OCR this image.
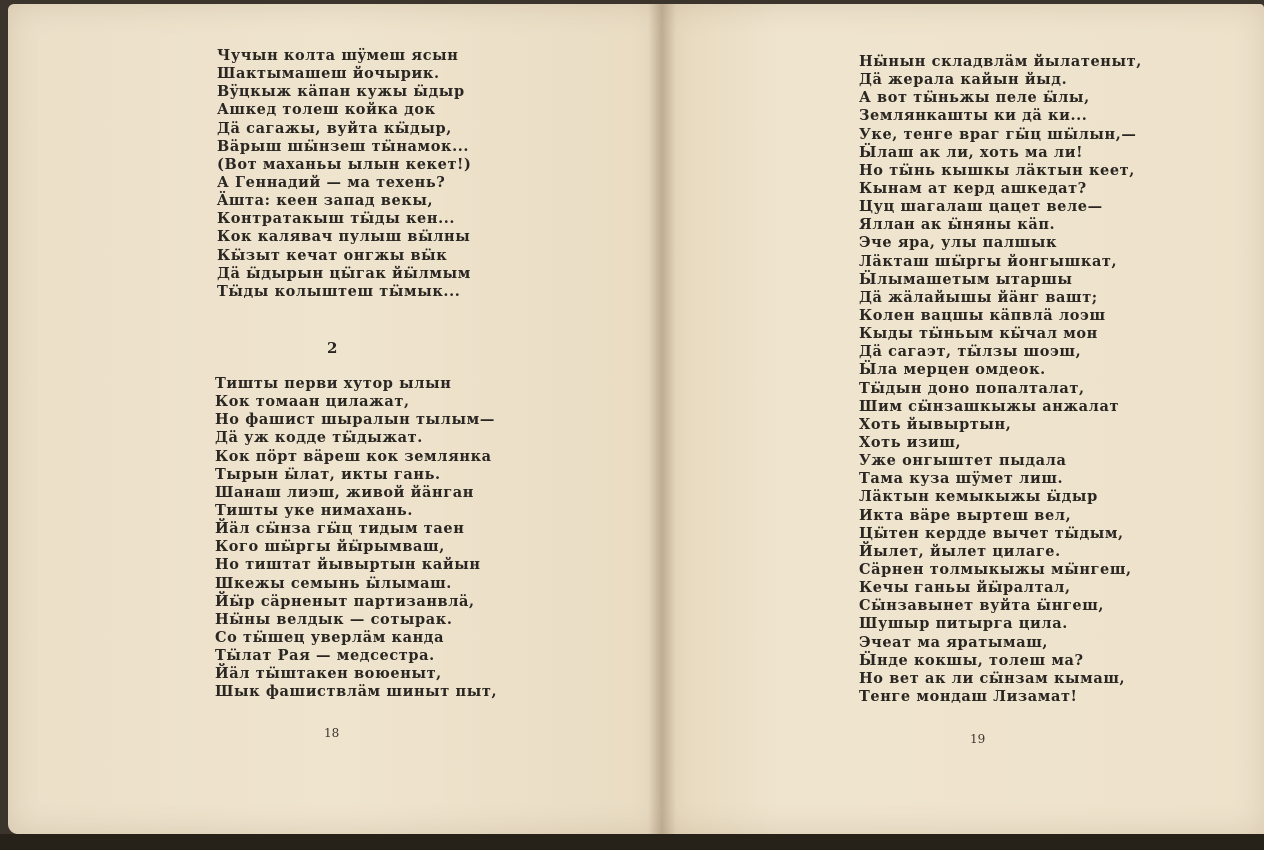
Чучын колта шÿмеш ясын
Шактымашеш йочырик.
Вÿцкыж кäпан кужы ӹдыр
Ашкед толеш койка док
Дä сагажы, вуйта кӹдыр,
Вäрыш шӹнзеш тӹнамок...
(Вот маханьы ылын кекет!)
А Геннадий — ма техень?
Äшта: кеен запад векы,
Контратакыш тӹды кен...
Кок калявач пулыш вӹлны
Кӹзыт кечат онгжы вӹк
Дä ӹдырын цӹгак йӹлмым
Тӹды колыштеш тӹмык...
2
Тишты перви хутор ылын
Кок томаан цилажат,
Но фашист шыралын тылым—
Дä уж кодде тӹдыжат.
Кок пöрт вäреш кок землянка
Тырын ӹлат, икты гань.
Шанаш лиэш, живой йӓнган
Тишты уке нимахань.
Йӓл сӹнза гӹц тидым таен
Кого шӹргы йӹрымваш,
Но тиштат йывыртын кайын
Шкежы семынь ӹлымаш.
Йӹр сäрненыт партизанвлä,
Нӹны велдык — сотырак.
Со тӹшец уверлäм канда
Тӹлат Рая — медсестра.
Йӓл тӹштакен воюеныт,
Шык фашиствлäм шиныт пыт,
18
Нӹнын складвлäм йылатеныт,
Дä жерала кайын йыд.
А вот тӹньжы пеле ӹлы,
Землянкашты ки дä ки...
Уке, тенге враг гӹц шӹлын,—
Ӹлаш ак ли, хоть ма ли!
Но тӹнь кышкы лäктын кеет,
Кынам ат керд ашкедат?
Цуц шагалаш цацет веле—
Яллан ак ӹняны кӓп.
Эче яра, улы палшык
Лäкташ шӹргы йонгышкат,
Ӹлымашетым ытаршы
Дä жäлайышы йӓнг вашт;
Колен вацшы кäпвлä лоэш
Кыды тӹньым кӹчал мон
Дä сагаэт, тӹлзы шоэш,
Ӹла мерцен омдеок.
Тӹдын доно попалталат,
Шим сӹнзашкыжы анжалат
Хоть йывыртын,
Хоть изиш,
Уже онгыштет пыдала
Тама куза шÿмет лиш.
Лäктын кемыкыжы ӹдыр
Икта вäре выртеш вел,
Цӹтен кердде вычет тӹдым,
Йылет, йылет цилаге.
Сäрнен толмыкыжы мӹнгеш,
Кечы ганьы йӹралтал,
Сӹнзавынет вуйта ӹнгеш,
Шушыр питырга цила.
Эчеат ма яратымаш,
Ӹнде кокшы, толеш ма?
Но вет ак ли сӹнзам кымаш,
Тенге мондаш Лизамат!
19
